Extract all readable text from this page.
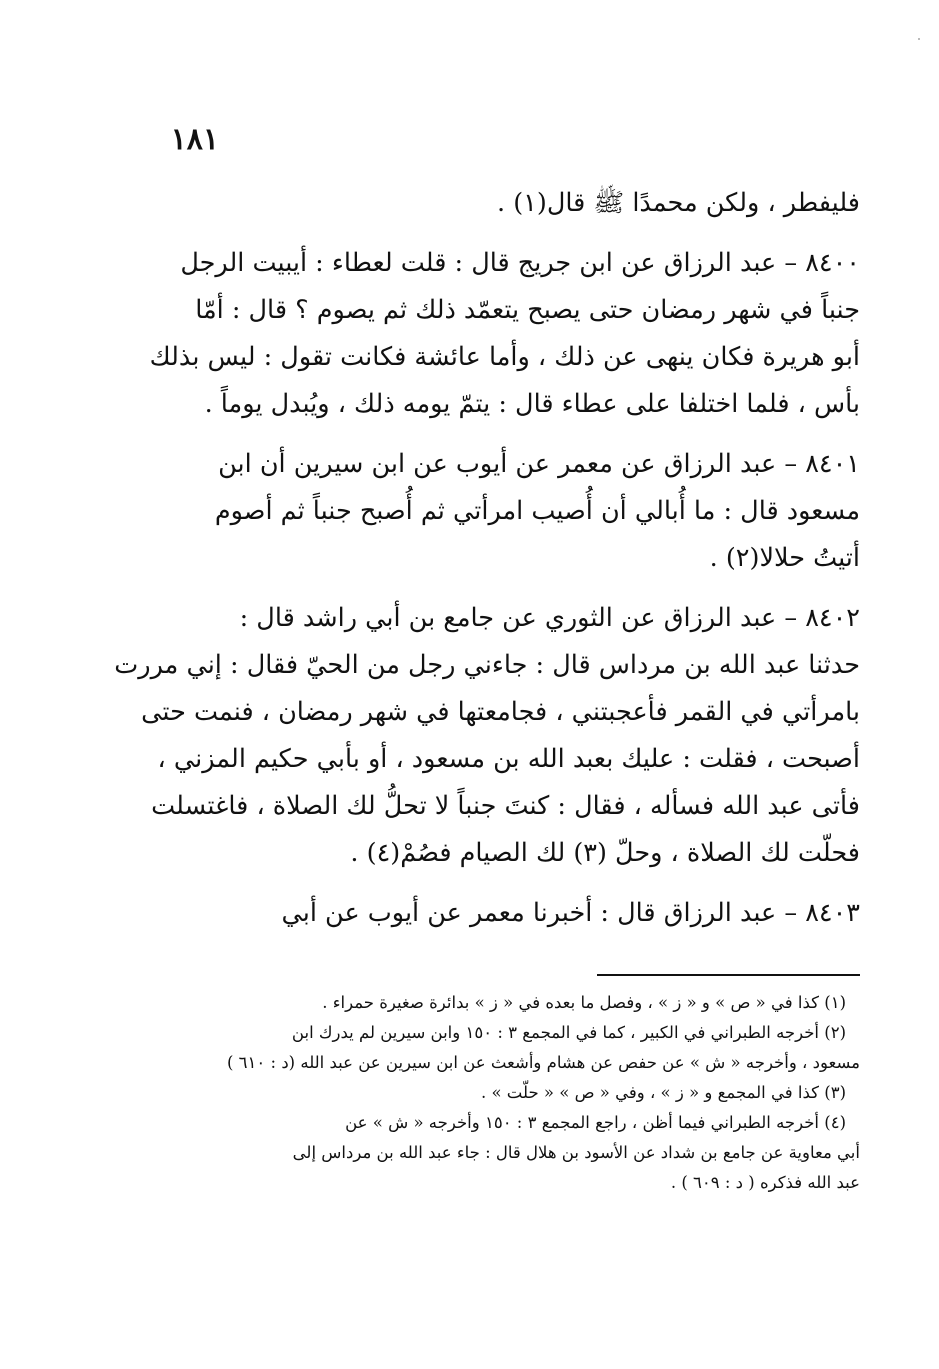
١٨١

فليفطر ، ولكن محمدًا ﷺ قال(١) .

٨٤٠٠ – عبد الرزاق عن ابن جريج قال : قلت لعطاء : أيبيت الرجل
جنباً في شهر رمضان حتى يصبح يتعمّد ذلك ثم يصوم ؟ قال : أمّا
أبو هريرة فكان ينهى عن ذلك ، وأما عائشة فكانت تقول : ليس بذلك
بأس ، فلما اختلفا على عطاء قال : يتمّ يومه ذلك ، ويُبدل يوماً .

٨٤٠١ – عبد الرزاق عن معمر عن أيوب عن ابن سيرين أن ابن
مسعود قال : ما أُبالي أن أُصيب امرأتي ثم أُصبح جنباً ثم أصوم
أتيتُ حلالا(٢) .

٨٤٠٢ – عبد الرزاق عن الثوري عن جامع بن أبي راشد قال :
حدثنا عبد الله بن مرداس قال : جاءني رجل من الحيّ فقال : إني مررت
بامرأتي في القمر فأعجبتني ، فجامعتها في شهر رمضان ، فنمت حتى
أصبحت ، فقلت : عليك بعبد الله بن مسعود ، أو بأبي حكيم المزني ،
فأتى عبد الله فسأله ، فقال : كنتَ جنباً لا تحلُّ لك الصلاة ، فاغتسلت
فحلّت لك الصلاة ، وحلّ (٣) لك الصيام فصُمْ(٤) .

٨٤٠٣ – عبد الرزاق قال : أخبرنا معمر عن أيوب عن أبي

(١) كذا في « ص » و « ز » ، وفصل ما بعده في « ز » بدائرة صغيرة حمراء .
(٢) أخرجه الطبراني في الكبير ، كما في المجمع ٣ : ١٥٠ وابن سيرين لم يدرك ابن
مسعود ، وأخرجه « ش » عن حفص عن هشام وأشعث عن ابن سيرين عن عبد الله (د : ٦١٠ )
(٣) كذا في المجمع و « ز » ، وفي « ص » « حلّت » .
(٤) أخرجه الطبراني فيما أظن ، راجع المجمع ٣ : ١٥٠ وأخرجه « ش » عن
أبي معاوية عن جامع بن شداد عن الأسود بن هلال قال : جاء عبد الله بن مرداس إلى
عبد الله فذكره ( د : ٦٠٩ ) .
